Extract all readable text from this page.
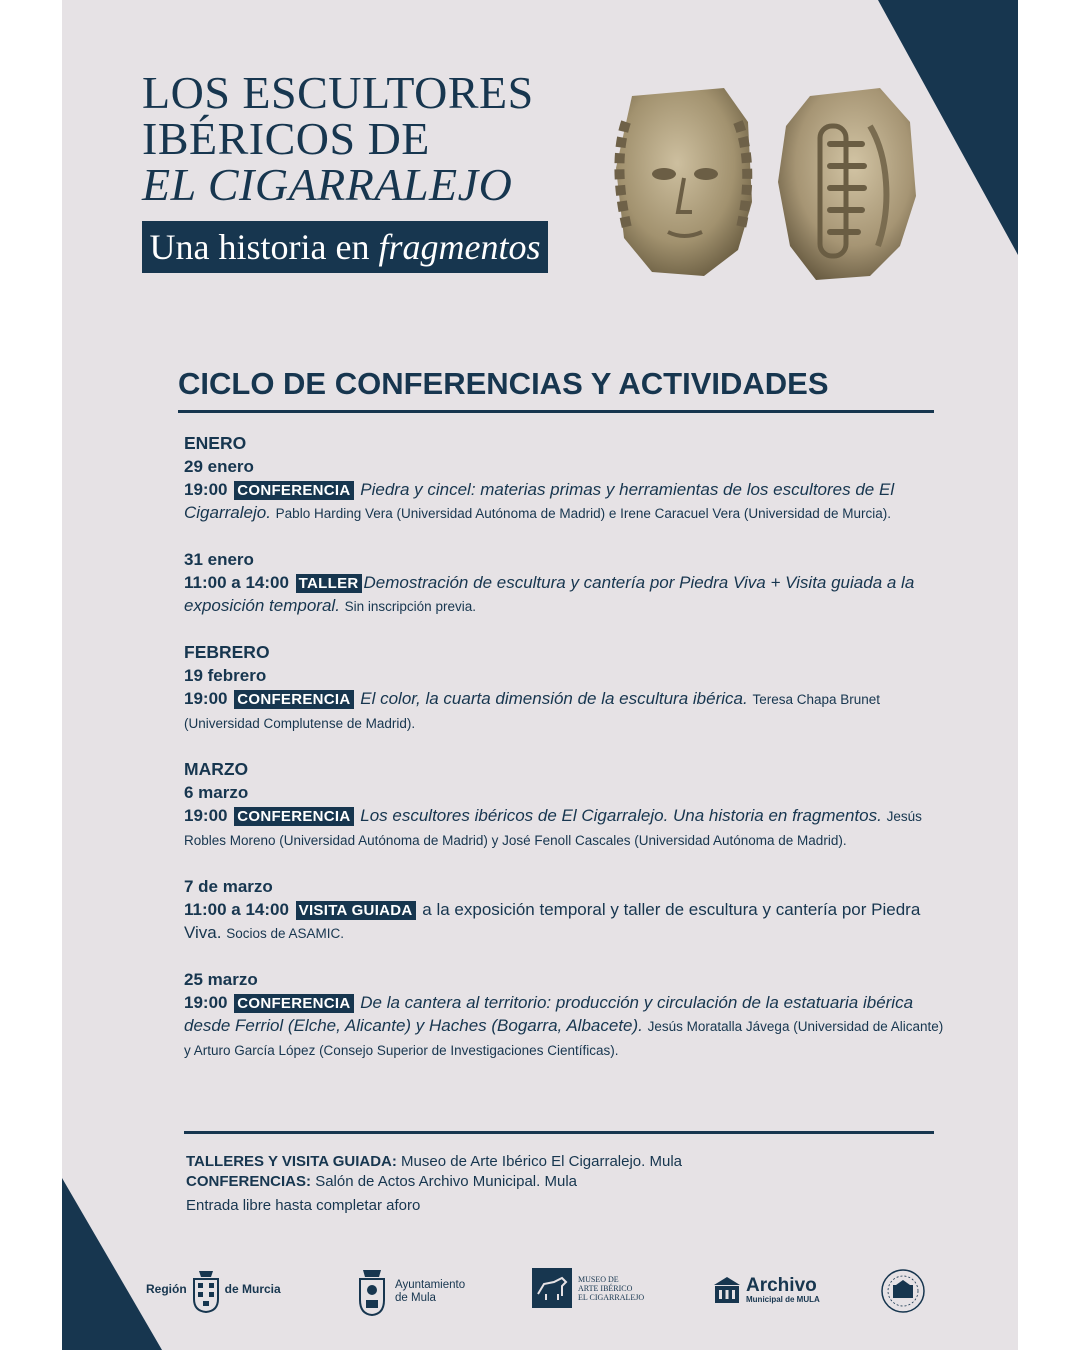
LOS ESCULTORES
IBÉRICOS DE
EL CIGARRALEJO
Una historia en fragmentos
CICLO DE CONFERENCIAS Y ACTIVIDADES
ENERO
29 enero
19:00 CONFERENCIA Piedra y cincel: materias primas y herramientas de los escultores de El Cigarralejo. Pablo Harding Vera (Universidad Autónoma de Madrid) e Irene Caracuel Vera (Universidad de Murcia).
31 enero
11:00 a 14:00 TALLER Demostración de escultura y cantería por Piedra Viva + Visita guiada a la exposición temporal. Sin inscripción previa.
FEBRERO
19 febrero
19:00 CONFERENCIA El color, la cuarta dimensión de la escultura ibérica. Teresa Chapa Brunet (Universidad Complutense de Madrid).
MARZO
6 marzo
19:00 CONFERENCIA Los escultores ibéricos de El Cigarralejo. Una historia en fragmentos. Jesús Robles Moreno (Universidad Autónoma de Madrid) y José Fenoll Cascales (Universidad Autónoma de Madrid).
7 de marzo
11:00 a 14:00 VISITA GUIADA a la exposición temporal y taller de escultura y cantería por Piedra Viva. Socios de ASAMIC.
25 marzo
19:00 CONFERENCIA De la cantera al territorio: producción y circulación de la estatuaria ibérica desde Ferriol (Elche, Alicante) y Haches (Bogarra, Albacete). Jesús Moratalla Jávega (Universidad de Alicante) y Arturo García López (Consejo Superior de Investigaciones Científicas).
TALLERES Y VISITA GUIADA: Museo de Arte Ibérico El Cigarralejo. Mula
CONFERENCIAS: Salón de Actos Archivo Municipal. Mula
Entrada libre hasta completar aforo
Región	de Murcia	Ayuntamiento
de Mula
MUSEO DE
ARTE IBÉRICO
EL CIGARRALEJO
Archivo
Municipal de MULA
